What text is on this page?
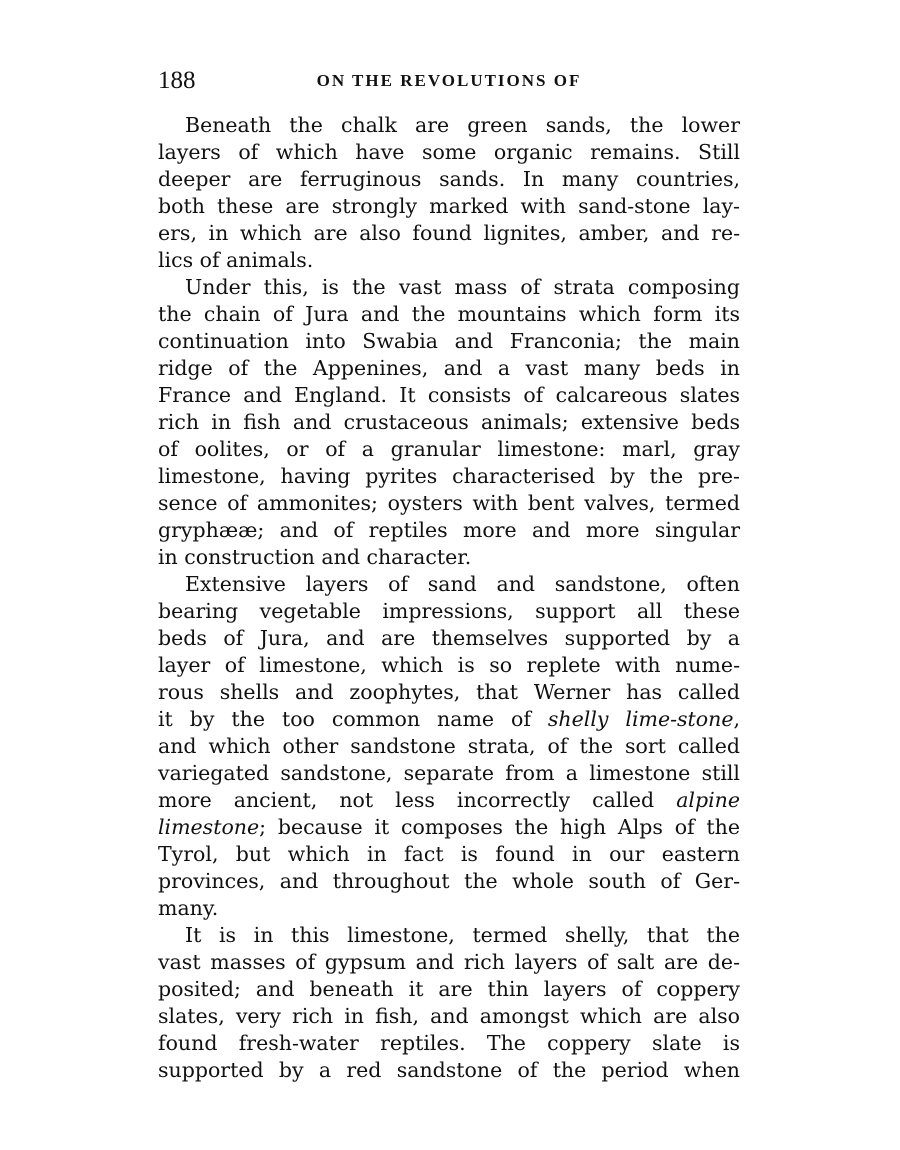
188	ON THE REVOLUTIONS OF
Beneath the chalk are green sands, the lower
layers of which have some organic remains. Still
deeper are ferruginous sands. In many countries,
both these are strongly marked with sand-stone lay-
ers, in which are also found lignites, amber, and re-
lics of animals.
Under this, is the vast mass of strata composing
the chain of Jura and the mountains which form its
continuation into Swabia and Franconia; the main
ridge of the Appenines, and a vast many beds in
France and England. It consists of calcareous slates
rich in fish and crustaceous animals; extensive beds
of oolites, or of a granular limestone: marl, gray
limestone, having pyrites characterised by the pre-
sence of ammonites; oysters with bent valves, termed
gryphææ; and of reptiles more and more singular
in construction and character.
Extensive layers of sand and sandstone, often
bearing vegetable impressions, support all these
beds of Jura, and are themselves supported by a
layer of limestone, which is so replete with nume-
rous shells and zoophytes, that Werner has called
it by the too common name of shelly lime-stone,
and which other sandstone strata, of the sort called
variegated sandstone, separate from a limestone still
more ancient, not less incorrectly called alpine
limestone; because it composes the high Alps of the
Tyrol, but which in fact is found in our eastern
provinces, and throughout the whole south of Ger-
many.
It is in this limestone, termed shelly, that the
vast masses of gypsum and rich layers of salt are de-
posited; and beneath it are thin layers of coppery
slates, very rich in fish, and amongst which are also
found fresh-water reptiles. The coppery slate is
supported by a red sandstone of the period when
